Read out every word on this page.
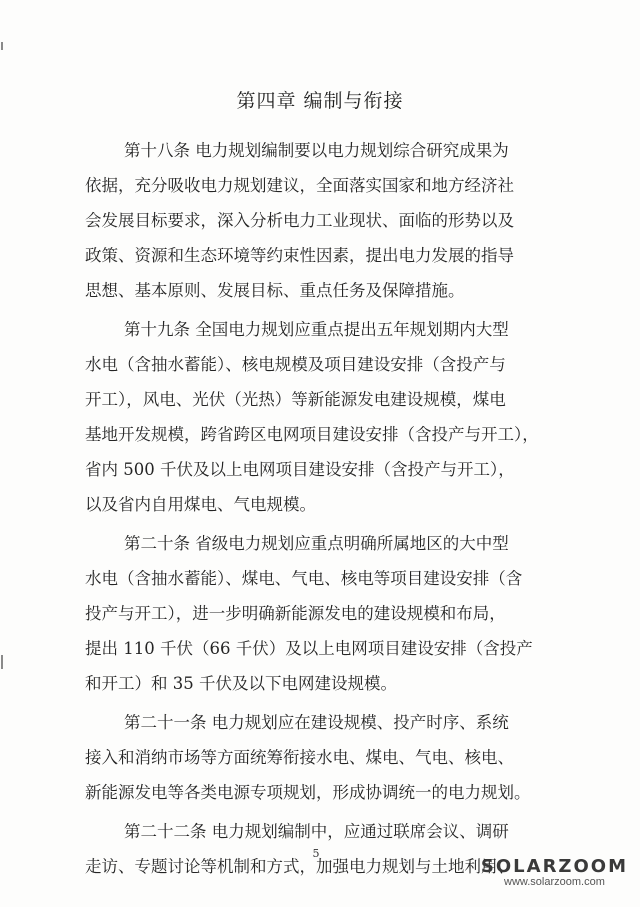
第四章 编制与衔接
第十八条 电力规划编制要以电力规划综合研究成果为
依据，充分吸收电力规划建议，全面落实国家和地方经济社
会发展目标要求，深入分析电力工业现状、面临的形势以及
政策、资源和生态环境等约束性因素，提出电力发展的指导
思想、基本原则、发展目标、重点任务及保障措施。
第十九条 全国电力规划应重点提出五年规划期内大型
水电（含抽水蓄能）、核电规模及项目建设安排（含投产与
开工），风电、光伏（光热）等新能源发电建设规模，煤电
基地开发规模，跨省跨区电网项目建设安排（含投产与开工），
省内 500 千伏及以上电网项目建设安排（含投产与开工），
以及省内自用煤电、气电规模。
第二十条 省级电力规划应重点明确所属地区的大中型
水电（含抽水蓄能）、煤电、气电、核电等项目建设安排（含
投产与开工），进一步明确新能源发电的建设规模和布局，
提出 110 千伏（66 千伏）及以上电网项目建设安排（含投产
和开工）和 35 千伏及以下电网建设规模。
第二十一条 电力规划应在建设规模、投产时序、系统
接入和消纳市场等方面统筹衔接水电、煤电、气电、核电、
新能源发电等各类电源专项规划，形成协调统一的电力规划。
第二十二条 电力规划编制中，应通过联席会议、调研
走访、专题讨论等机制和方式，加强电力规划与土地利用、
5
SOLARZOOM
www.solarzoom.com
